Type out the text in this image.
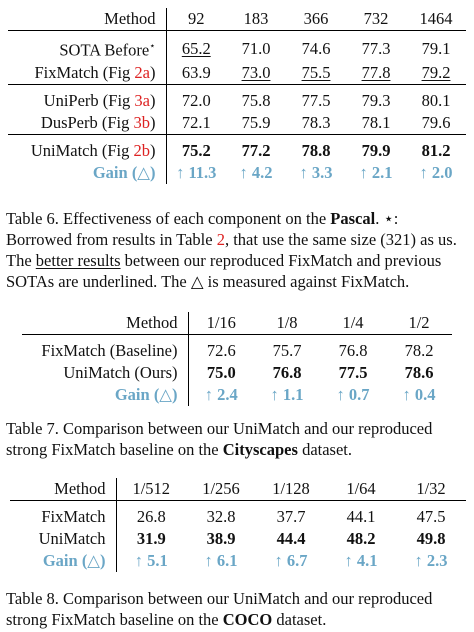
Method	92	183	366	732	1464

SOTA Before⋆	65.2	71.0	74.6	77.3	79.1
FixMatch (Fig 2a)	63.9	73.0	75.5	77.8	79.2

UniPerb (Fig 3a)	72.0	75.8	77.5	79.3	80.1
DusPerb (Fig 3b)	72.1	75.9	78.3	78.1	79.6

UniMatch (Fig 2b)	75.2	77.2	78.8	79.9	81.2
Gain (△)	↑ 11.3	↑ 4.2	↑ 3.3	↑ 2.1	↑ 2.0
Table 6. Effectiveness of each component on the Pascal. ⋆: Borrowed from results in Table 2, that use the same size (321) as us. The better results between our reproduced FixMatch and previous SOTAs are underlined. The △ is measured against FixMatch.
Method	1/16	1/8	1/4	1/2

FixMatch (Baseline)	72.6	75.7	76.8	78.2
UniMatch (Ours)	75.0	76.8	77.5	78.6
Gain (△)	↑ 2.4	↑ 1.1	↑ 0.7	↑ 0.4
Table 7. Comparison between our UniMatch and our reproduced strong FixMatch baseline on the Cityscapes dataset.
Method	1/512	1/256	1/128	1/64	1/32

FixMatch	26.8	32.8	37.7	44.1	47.5
UniMatch	31.9	38.9	44.4	48.2	49.8
Gain (△)	↑ 5.1	↑ 6.1	↑ 6.7	↑ 4.1	↑ 2.3
Table 8. Comparison between our UniMatch and our reproduced strong FixMatch baseline on the COCO dataset.
